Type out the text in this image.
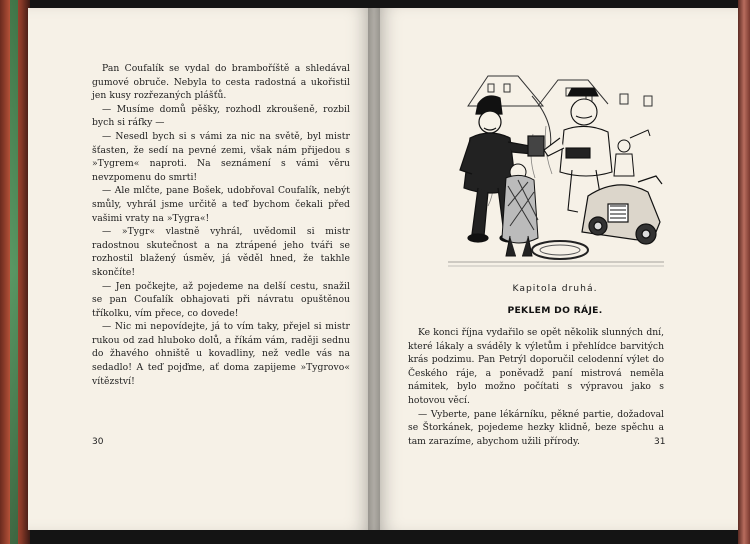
Pan Coufalík se vydal do bramboříště a shledával gumové obruče. Nebyla to cesta radostná a ukořistil jen kusy rozřezaných plášťů.

— Musíme domů pěšky, rozhodl zkroušeně, rozbil bych si ráfky —

— Nesedl bych si s vámi za nic na světě, byl mistr šťasten, že sedí na pevné zemi, však nám přijedou s »Tygrem« naproti. Na seznámení s vámi věru nevzpomenu do smrti!

— Ale mlčte, pane Bošek, udobřoval Coufalík, nebýt smůly, vyhrál jsme určitě a teď bychom čekali před vašimi vraty na »Tygra«!

— »Tygr« vlastně vyhrál, uvědomil si mistr radostnou skutečnost a na ztrápené jeho tváři se rozhostil blažený úsměv, já věděl hned, že takhle skončíte!

— Jen počkejte, až pojedeme na delší cestu, snažil se pan Coufalík obhajovati při návratu opuštěnou tříkolku, vím přece, co dovede!

— Nic mi nepovídejte, já to vím taky, přejel si mistr rukou od zad hluboko dolů, a říkám vám, raději sednu do žhavého ohniště u kovadliny, než vedle vás na sedadlo! A teď pojďme, ať doma zapijeme »Tygrovo« vítězství!

30
Kapitola druhá.
PEKLEM DO RÁJE.

Ke konci října vydařilo se opět několik slunných dní, které lákaly a sváděly k výletům i přehlídce barvitých krás podzimu. Pan Petrýl doporučil celodenní výlet do Českého ráje, a poněvadž paní mistrová neměla námitek, bylo možno počítati s výpravou jako s hotovou věcí.

— Vyberte, pane lékárníku, pěkné partie, dožadoval se Štorkánek, pojedeme hezky klidně, beze spěchu a tam zarazíme, abychom užili přírody.	31
